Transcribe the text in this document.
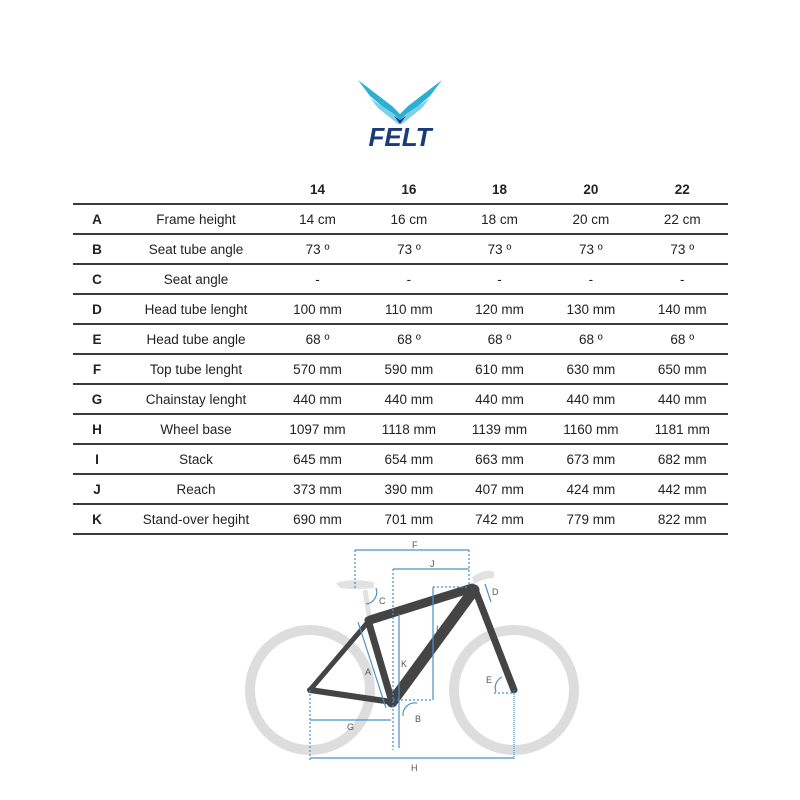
FELT
		14	16	18	20	22
A	Frame height	14 cm	16 cm	18 cm	20 cm	22 cm
B	Seat tube angle	73 º	73 º	73 º	73 º	73 º
C	Seat angle	-	-	-	-	-
D	Head tube lenght	100 mm	110 mm	120 mm	130 mm	140 mm
E	Head tube angle	68 º	68 º	68 º	68 º	68 º
F	Top tube lenght	570 mm	590 mm	610 mm	630 mm	650 mm
G	Chainstay lenght	440 mm	440 mm	440 mm	440 mm	440 mm
H	Wheel base	1097 mm	1118 mm	1139 mm	1160 mm	1181 mm
I	Stack	645 mm	654 mm	663 mm	673 mm	682 mm
J	Reach	373 mm	390 mm	407 mm	424 mm	442 mm
K	Stand-over hegiht	690 mm	701 mm	742 mm	779 mm	822 mm
F
J
C
D
I
A
K
E
B
G
H
